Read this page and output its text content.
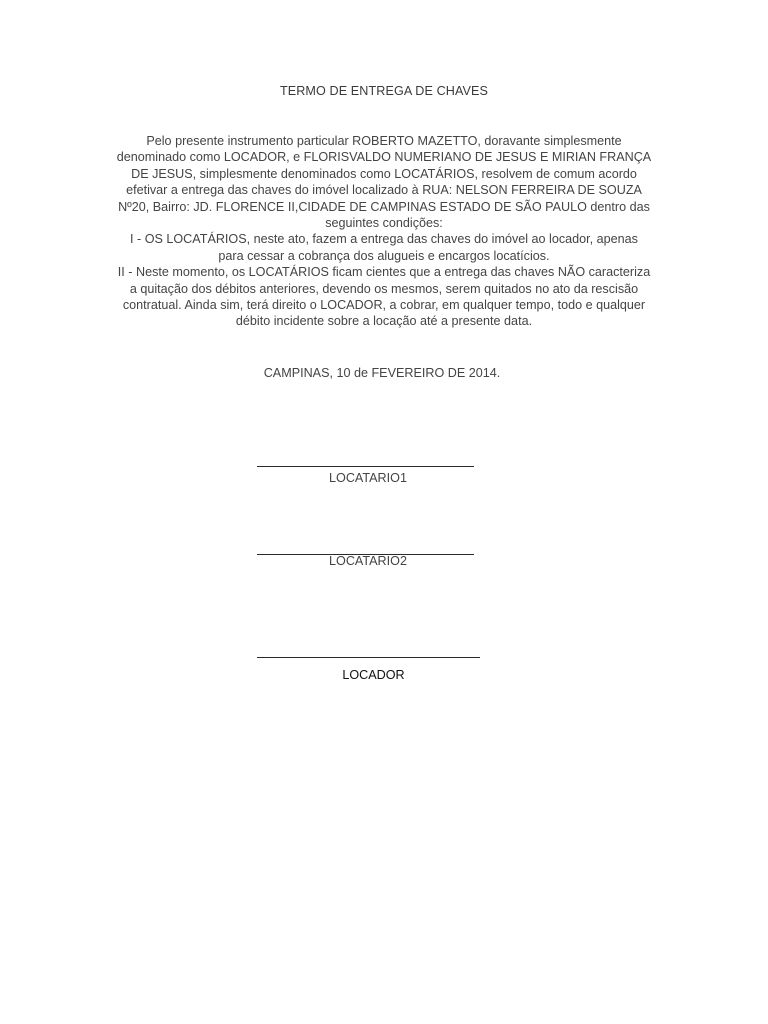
TERMO DE ENTREGA DE CHAVES
Pelo presente instrumento particular ROBERTO MAZETTO, doravante simplesmente
denominado como LOCADOR, e FLORISVALDO NUMERIANO DE JESUS E MIRIAN FRANÇA
DE JESUS, simplesmente denominados como LOCATÁRIOS, resolvem de comum acordo
efetivar a entrega das chaves do imóvel localizado à RUA: NELSON FERREIRA DE SOUZA
Nº20, Bairro: JD. FLORENCE II,CIDADE DE CAMPINAS ESTADO DE SÃO PAULO dentro das
seguintes condições:
I - OS LOCATÁRIOS, neste ato, fazem a entrega das chaves do imóvel ao locador, apenas
para cessar a cobrança dos alugueis e encargos locatícios.
II - Neste momento, os LOCATÁRIOS ficam cientes que a entrega das chaves NÃO caracteriza
a quitação dos débitos anteriores, devendo os mesmos, serem quitados no ato da rescisão
contratual. Ainda sim, terá direito o LOCADOR, a cobrar, em qualquer tempo, todo e qualquer
débito incidente sobre a locação até a presente data.
CAMPINAS, 10 de FEVEREIRO DE 2014.
LOCATARIO1
LOCATARIO2
LOCADOR
